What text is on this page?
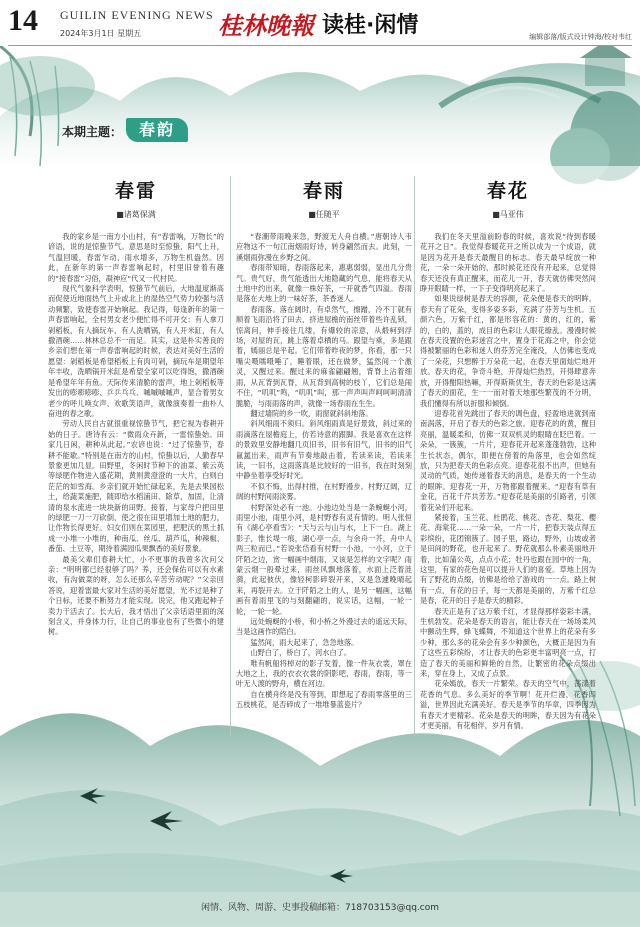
14 GUILIN EVENING NEWS
2024年3月1日 星期五	桂林晚報 读桂·闲情	编辑部落/版式设计钟海/校对韦红
本期主题：	春韵
春雷
■诸葛保满

我的家乡是一南方小山村，有“春雷响，万物长”的谚语，说的是惊蛰节气。意思是时至惊蛰，阳气上升，气温回暖，春雷乍动，雨水增多，万物生机盎然。因此，在新年的第一声春雷响起时，村里旧誉着有趣的“接春雷”习俗，凝神应“代又一代村民。

现代气象科学表明，惊蛰节气前后，大地温度渐高而促使近地面热气上升或北上的湿热空气势力较强与活动频繁，致使春雷开始响起。我记得，每逢新年的第一声春雷响起，全村男女老少便忙得不可开交：有人拿刀剁稻板，有人摘玩车，有人洗晒锅，有人开米缸，有人撒酒碗……林林总总不一而足。其实，这是朴实善良的乡亲们想在第一声春雷响起的时候，表达对美好生活的愿望：剁稻板是希望稻板上有肉可剁，摘玩车是期望年年丰收，洗晒锅开米缸是希望全家可以吃得饱，撒酒碗是希望年年有鱼。天际传来清脆的雷声，地上剁稻板等发出的嘭嘭嘭嘭、乒乒乓乓、嘁嘁嘁嘁声，显合着男女老少的呼儿唤女声、欢歌笑语声，就像演奏着一曲朴人奋进的春之歌。

劳动人民自古就很重视惊蛰节气，把它视为春耕开始的日子。唐诗有云：“微雨众卉新，一雷惊蛰始。田家几日闲，耕种从此起。”农谚也说：“过了惊蛰节，春耕不能歇。”特别是在南方的山村，惊蛰以后，人勤春早景象更加几显。田野里，冬闲时节种下的油菜、紫云英等绿肥作物进入盛花期，黄则黄澄澄的一大片，白则白茫茫的如雪海。乡亲们就开始忙碌起来，先是去果园松土，给蔬菜施肥，随即给水稻浦田、除草，加固，让清清的泉水流进一块块新的田野。接着，与家母户把田里的绿肥一刀一刀砍倒，使之很在田里增加土地的肥力，让作物长得更好。妇女们则在菜园里，把肥沃的黑土抓成一小堆一小堆的，种南瓜、丝瓜、葫芦瓜，种辣椒、番茄、土豆等，期待着满园瓜果飘香的美好景象。

最美父辈们春耕大忙，小不更事的我曾多次问父亲：“明明都已经很够了吗？养，还会保佑可以有水素收，有沟做菜的呀，怎么还那么辛苦劳动呢？”父亲回答说，迎着雷最大家对生活的美好愿望，光不过是种了个日标，还要不断努力才能实现。说完，他又跑起种子卖力干活去了。长大后，我才悟出了父亲话语里面的深刻含义，并身体力行，让自己的事业也有了些微小的建树。

春雨
■任随平

“春潮带雨晚来急，野渡无人舟自横。”唐朝诗人韦应物这不一句江南烟雨好诗，转身翩然而去。此刻，一溪烟雨弥漫在乡野之间。

春雨带知暗，春雨落起来，惠惠弱弱，显出几分贵气。贵气好，贵气能透出大地隐藏的气息，能将春天从土地中约出来，就像一株好茶，一开就香气四溢。春雨是落在大地上的一味好茶，茶香迷人。

春雨落。落在阔时，有卓然气，擦蹭，冷不丁就有顺着飞雨沿将了田去，挤进屋檐的南丝带着些许乱锁，惊离问，伸手接住几缕，有爆较的凉意，从煅柯到浮场，对屋的瓦，跳上落着卓栖的马。跟望与乘，多是跟着，嫣丽总是平起。它们带着昨夜的梦，你看，那一只嘴尖嗫嚅嗫唾了，睡着眼，还在做梦，猛然间一个激灵，又醒过来。醒过来的麻雀翩翩翘，背脊上沾着细雨，从瓦背到瓦脊，从瓦背到高树的枝丫，它们总是闹不住，“叽叽”鸣，“叽叽”叫，那一声声叫声呵呵呵清清脆脆，与雨雨落的声，就像一场春雨在生生。

翻过墙院的乡一吹，雨窗就斜斜地落。

斜风细雨不须归。斜风细雨真是好景致，斜过来的雨滴落在屋檐庭上，仿若诗意的跟脚。我是喜欢在这样的景致里安静地翻几页旧书，旧书有旧气，旧书的旧气氤氲出来，雨声有节奏地敲击着，若读来读，若读来读，一旧书，这雨落真是比较好的一旧书，我在时刻刻中静坐着享受好时光。

不似不悔，出得村推，在村野漫步。村野辽阔，辽阔的村野间雨淡雾。

村野深处必有一池。小池边处当是一条蜿蜒小河，雨里小池，雨里小河，是村野春有灵有情的。明人张恒有《湖心亭看雪》：“天与云与山与水，上下一白。湖上影子，惟长堤一痕，湖心亭一点，与余舟一芥，舟中人两三粒而已。”若说张岱看有村野一小池，一小河，立于阡陌之边，赏一幅画中烟雨，又该是怎样的文字呢？雨蒙云烟一般晕过来，雨丝风飘地落着，水面上泛着涟漪，此起彼伏，像轻柯影碎裂开来，又是急遽晚晴起来，再裂开去。立于阡陌之上的人，是另一幅画，这幅画有着雨里飞的与刻翻翩的，说实话，这幅，一轮一轮，一轮一轮。

远处蜿蜒的小桥，和小桥之外漫过去的遥远天际，当是这画作的陪白。

猛然间，雨大起来了，急急地落。

山野白了，桥白了，河水白了。

唯有帆船将棹对的影子发着，像一件灰衣裳，罩在大地之上，我的衣衣衣裳的阴影吧，春雨，春雨，等一叶无人渡的野舟，横在河边。

自在横舟终是没有等到，即想起了春雨零落里的三五枝桃花，是否碎成了一堆堆暴蓝瓷片？

春花
■马亚伟

我们在冬天里溢前盼春的时候，喜欢说“待到春暖花开之日”。我觉得春暖花开之所以成为一个成语，就是因为花开是春天最醒目的标志。春天最早绽放一种花，一朵一朵开始的，那时候花还没有开起来，总觉得春天还没有真正醒来，而花儿一开，春天就仿佛突然间睁开眼睛一样，一下子变得明亮起来了。

如果说绿树是春天的容颜，花朵便是春天的明眸。春天有了花朵，变得多姿多彩，充满了芬芳与生机。五颜六色，万紫千红，都是形容花的：黄的，红的，紫的，白的，蓝的，成目的色彩让人眼花缭乱。漫漫时候在春天没置的色彩迷宫之中，置身于花海之中，你会觉得被繁丽的色彩和迷人的芬芳完全淹没，人仿佛也变成了一朵花，只想醉于万朵花一起，在春天里面灿烂地开放。春天的花，争奇斗艳，开得灿烂热烈，开得肆意奔放，开得酣阳热嘛，开得斯斯优生，春天的色彩是这满了春天的面花，生一一而对着天地那些繁茂的不分明，我们懂得有所以折服和倾倒。

迎春花首先跳出了春天的调色盘，轻盈地进就到南南涡落，开启了春天的色彩之旅。迎春花的的黄，醒目亮丽，温暖柔和，仿佛一双双机灵的眼睛在眨巴着。一朵朵，一簇簇，一片片，迎春花开起来蓬蓬勃勃，这种生长状态，偶尔，即便在傍着的角落里，也会如然绽放，只为把春天的色彩点亮。迎春花很不出声，但她有灵动的气质，她传递着春天的消息，是春天的一个生动的眼眸。迎春花一开，万物都跟着醒来。“迎春有草有金花，百花千芹共芳芳。”迎春花是美丽的引路者，引领着花朵们开起来。

紧接着，玉兰花、杜鹃花、桃花、杏花、梨花、樱花、海棠花……一朵一朵，一片一片，把春天装点得五彩缤纷，花团锦簇了。园子里，路边，野外，山坡或者是田间的野花，也开起来了。野花就那么朴素美丽地开着，比如蒲公英，点点小花；牡丹也跟在园中的一角，这里，有家的花色是可以提升人们的喜爱。草地上因为有了野花的点缀，彷佛是给给了游戏的一一点。路上树有一点，有花的日子，每一天都是美丽的，万紫千红总是春，花开的日子是春天的精彩。

春天正是有了这万紫千红，才显得那样姿彩丰满，生机勃发。花朵是春天的语言，能让春天在一场场柔风中颤动生辉，蜂飞蝶舞，不知道这个世界上的花朵有多少种，那么多的花朵会有多少种颜色，大概正是因为有了这些五彩缤纷，才让春天的色彩更丰富明亮一点，打造了春天的美丽和鲜艳的自然，让繁密的花朵点缀出来，穿在身上，又成了点景。

花朵嫣放，春天一片繁荣。春天的空气中，荡漾着花香的气息。多么美好的季节啊！花开烂漫，花香四溢，世界因此充满美好。春天是季节的华章，四季因为有春天才更精彩。花朵是春天的明眸，春天因为有花朵才更美丽，有花相伴，岁月有情。

闲情、风物、周游、史事投稿邮箱：718703153@qq.com
